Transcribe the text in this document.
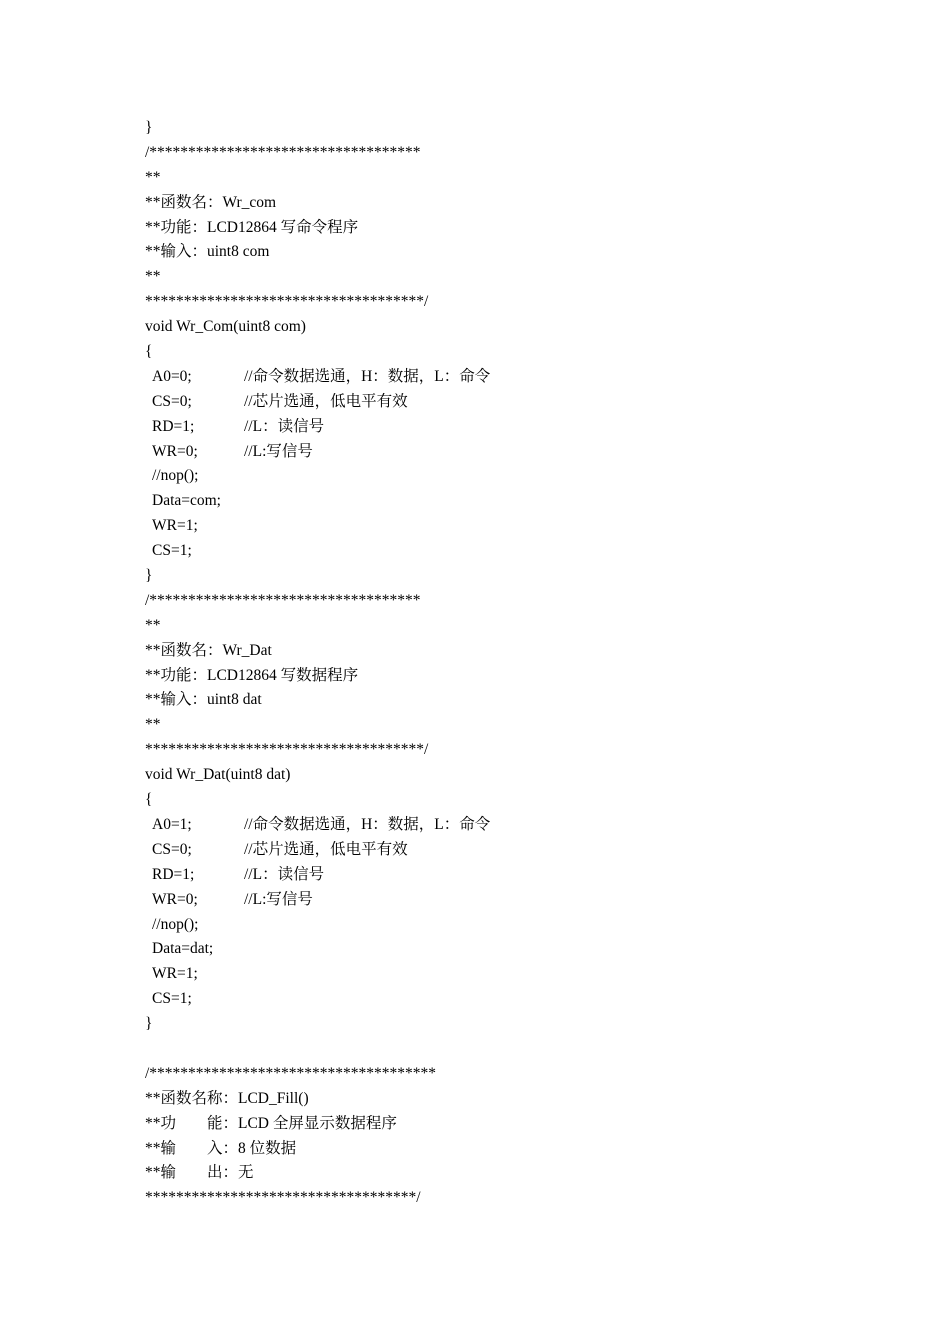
}
/***********************************
**
**函数名：Wr_com
**功能：LCD12864 写命令程序
**输入：uint8 com
**
************************************/
void Wr_Com(uint8 com)
{
A0=0;	//命令数据选通，H：数据，L：命令
CS=0;	//芯片选通，低电平有效
RD=1;	//L：读信号
WR=0;	//L:写信号
//nop();
Data=com;
WR=1;
CS=1;
}
/***********************************
**
**函数名：Wr_Dat
**功能：LCD12864 写数据程序
**输入：uint8 dat
**
************************************/
void Wr_Dat(uint8 dat)
{
A0=1;	//命令数据选通，H：数据，L：命令
CS=0;	//芯片选通，低电平有效
RD=1;	//L：读信号
WR=0;	//L:写信号
//nop();
Data=dat;
WR=1;
CS=1;
}
/*************************************
**函数名称：LCD_Fill()
**功　　能：LCD 全屏显示数据程序
**输　　入：8 位数据
**输　　出：无
***********************************/
